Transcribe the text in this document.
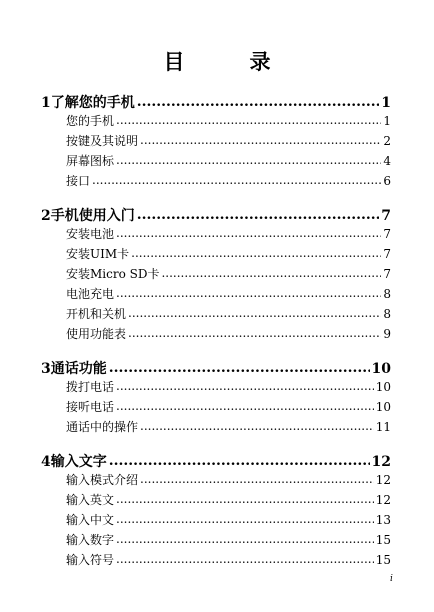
目　录
1 了解您的手机 .....	1
您的手机 .....	1
按键及其说明 .....	2
屏幕图标 .....	4
接口 .....	6
2 手机使用入门 .....	7
安装电池 .....	7
安装UIM卡 .....	7
安装Micro SD卡 .....	7
电池充电 .....	8
开机和关机 .....	8
使用功能表 .....	9
3 通话功能 .....	10
拨打电话 .....	10
接听电话 .....	10
通话中的操作 .....	11
4 输入文字 .....	12
输入模式介绍 .....	12
输入英文 .....	12
输入中文 .....	13
输入数字 .....	15
输入符号 .....	15
i
